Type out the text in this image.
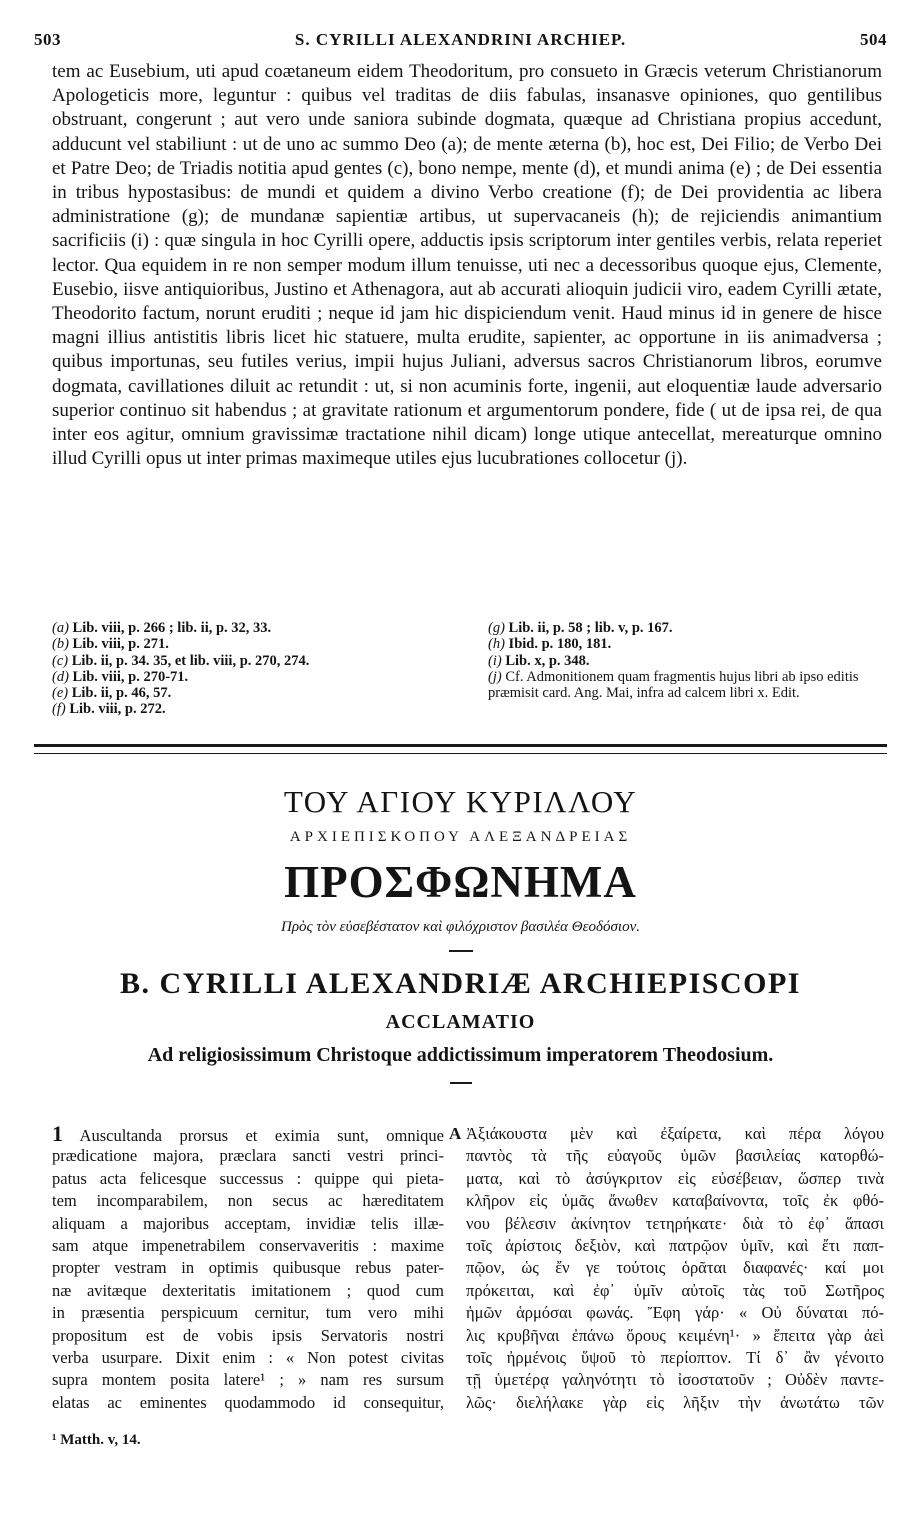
503	S. CYRILLI ALEXANDRINI ARCHIEP.	504

tem ac Eusebium, uti apud coætaneum eidem Theodoritum, pro consueto in Græcis veterum Christianorum Apologeticis more, leguntur : quibus vel traditas de diis fabulas, insanasve opiniones, quo gentilibus obstruant, congerunt ; aut vero unde saniora subinde dogmata, quæque ad Christiana propius accedunt, adducunt vel stabiliunt : ut de uno ac summo Deo (a); de mente æterna (b), hoc est, Dei Filio; de Verbo Dei et Patre Deo; de Triadis notitia apud gentes (c), bono nempe, mente (d), et mundi anima (e) ; de Dei essentia in tribus hypostasibus: de mundi et quidem a divino Verbo creatione (f); de Dei providentia ac libera administratione (g); de mundanæ sapientiæ artibus, ut supervacaneis (h); de rejiciendis animantium sacrificiis (i) : quæ singula in hoc Cyrilli opere, adductis ipsis scriptorum inter gentiles verbis, relata reperiet lector. Qua equidem in re non semper modum illum tenuisse, uti nec a decessoribus quoque ejus, Clemente, Eusebio, iisve antiquioribus, Justino et Athenagora, aut ab accurati alioquin judicii viro, eadem Cyrilli ætate, Theodorito factum, norunt eruditi ; neque id jam hic dispiciendum venit. Haud minus id in genere de hisce magni illius antistitis libris licet hic statuere, multa erudite, sapienter, ac opportune in iis animadversa ; quibus importunas, seu futiles verius, impii hujus Juliani, adversus sacros Christianorum libros, eorumve dogmata, cavillationes diluit ac retundit : ut, si non acuminis forte, ingenii, aut eloquentiæ laude adversario superior continuo sit habendus ; at gravitate rationum et argumentorum pondere, fide ( ut de ipsa rei, de qua inter eos agitur, omnium gravissimæ tractatione nihil dicam) longe utique antecellat, mereaturque omnino illud Cyrilli opus ut inter primas maximeque utiles ejus lucubrationes collocetur (j).

(a) Lib. viii, p. 266 ; lib. ii, p. 32, 33.

(b) Lib. viii, p. 271.

(c) Lib. ii, p. 34. 35, et lib. viii, p. 270, 274.

(d) Lib. viii, p. 270-71.

(e) Lib. ii, p. 46, 57.

(f) Lib. viii, p. 272.

(g) Lib. ii, p. 58 ; lib. v, p. 167.

(h) Ibid. p. 180, 181.

(i) Lib. x, p. 348.

(j) Cf. Admonitionem quam fragmentis hujus libri ab ipso editis præmisit card. Ang. Mai, infra ad calcem libri x. Edit.

ΤΟΥ ΑΓΙΟΥ ΚΥΡΙΛΛΟΥ

ΑΡΧΙΕΠΙΣΚΟΠΟΥ ΑΛΕΞΑΝΔΡΕΙΑΣ

ΠΡΟΣΦΩΝΗΜΑ

Πρὸς τὸν εὐσεβέστατον καὶ φιλόχριστον βασιλέα Θεοδόσιον.

B. CYRILLI ALEXANDRIÆ ARCHIEPISCOPI

ACCLAMATIO

Ad religiosissimum Christoque addictissimum imperatorem Theodosium.

1 Auscultanda prorsus et eximia sunt, omnique
prædicatione majora, præclara sancti vestri princi-
patus acta felicesque successus : quippe qui pieta-
tem incomparabilem, non secus ac hæreditatem
aliquam a majoribus acceptam, invidiæ telis illæ-
sam atque impenetrabilem conservaveritis : maxime
propter vestram in optimis quibusque rebus pater-
næ avitæque dexteritatis imitationem ; quod cum
in præsentia perspicuum cernitur, tum vero mihi
propositum est de vobis ipsis Servatoris nostri
verba usurpare. Dixit enim : « Non potest civitas
supra montem posita latere¹ ; » nam res sursum
elatas ac eminentes quodammodo id consequitur,
A Ἀξιάκουστα μὲν καὶ ἐξαίρετα, καὶ πέρα λόγου
παντὸς τὰ τῆς εὐαγοῦς ὑμῶν βασιλείας κατορθώ-
ματα, καὶ τὸ ἀσύγκριτον εἰς εὐσέβειαν, ὥσπερ τινὰ
κλῆρον εἰς ὑμᾶς ἄνωθεν καταβαίνοντα, τοῖς ἐκ φθό-
νου βέλεσιν ἀκίνητον τετηρήκατε· διὰ τὸ ἐφ᾽ ἅπασι
τοῖς ἀρίστοις δεξιὸν, καὶ πατρῷον ὑμῖν, καὶ ἔτι παπ-
πῷον, ὡς ἔν γε τούτοις ὁρᾶται διαφανές· καί μοι
πρόκειται, καὶ ἐφ᾽ ὑμῖν αὐτοῖς τὰς τοῦ Σωτῆρος
ἡμῶν ἁρμόσαι φωνάς. Ἔφη γάρ· « Οὐ δύναται πό-
λις κρυβῆναι ἐπάνω ὄρους κειμένη¹· » ἔπειτα γὰρ ἀεὶ
τοῖς ἠρμένοις ὕψοῦ τὸ περίοπτον. Τί δ᾽ ἂν γένοιτο
τῇ ὑμετέρᾳ γαληνότητι τὸ ἰσοστατοῦν ; Οὐδὲν παντε-
λῶς· διελήλακε γὰρ εἰς λῆξιν τὴν ἀνωτάτω τῶν
¹ Matth. v, 14.
